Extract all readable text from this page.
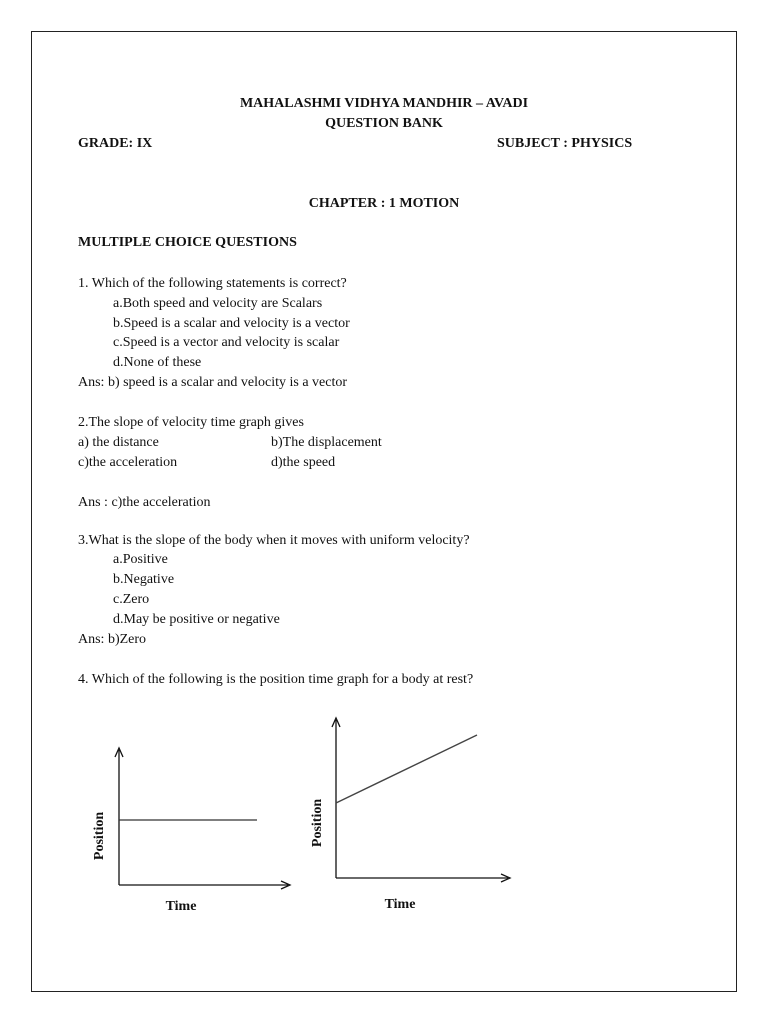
MAHALASHMI VIDHYA MANDHIR – AVADI
QUESTION BANK
GRADE: IX	SUBJECT : PHYSICS
CHAPTER : 1 MOTION
MULTIPLE CHOICE QUESTIONS
1. Which of the following statements is correct?
a.Both speed and velocity are Scalars
b.Speed is a scalar and velocity is a vector
c.Speed is a vector and velocity is scalar
d.None of these
Ans: b) speed is a scalar and velocity is a vector
2.The slope of velocity time graph gives
a) the distance	b)The displacement
c)the acceleration	d)the speed
Ans : c)the acceleration
3.What is the slope of the body when it moves with uniform velocity?
a.Positive
b.Negative
c.Zero
d.May be positive or negative
Ans: b)Zero
4. Which of the following is the position time graph for a body at rest?
Time
Position
Time
Position
